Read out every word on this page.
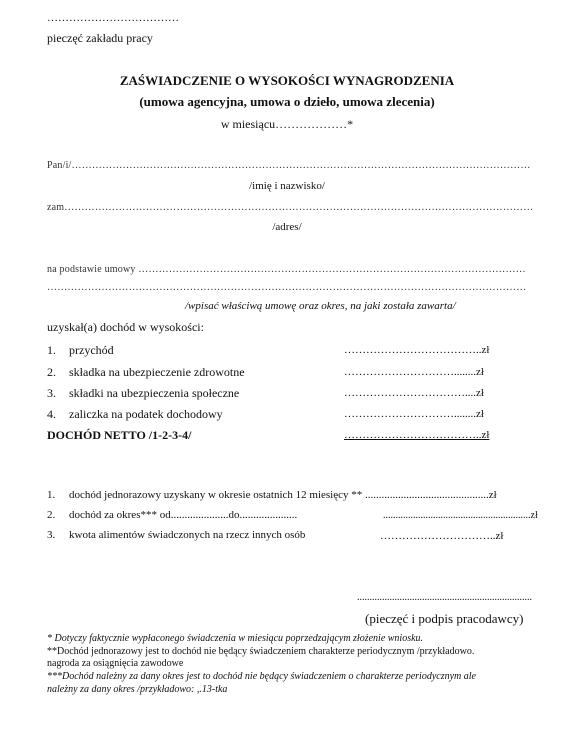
………………………………
pieczęć zakładu pracy
ZAŚWIADCZENIE O WYSOKOŚCI WYNAGRODZENIA
(umowa agencyjna, umowa o dzieło, umowa zlecenia)
w miesiącu………………*
Pan/i/………………………………………………………………………………………………………………………
/imię i nazwisko/
zam…………………………………………………………………………………………………………………………
/adres/
na podstawie umowy ……………………………………………………………………………………………………
……………………………………………………………………………………………………………………………
/wpisać właściwą umowę oraz okres, na jaki została zawarta/
uzyskał(a) dochód w wysokości:
1. przychód	………………………………..zł
2. składka na ubezpieczenie zdrowotne	…………………………........zł
3. składki na ubezpieczenia społeczne	……………………………....zł
4. zaliczka na podatek dochodowy	…………………………........zł
DOCHÓD NETTO /1-2-3-4/	………………………………..zł
1. dochód jednorazowy uzyskany w okresie ostatnich 12 miesięcy ** .............................................zł
2. dochód za okres*** od.....................do.....................	...........................................................zł
3. kwota alimentów świadczonych na rzecz innych osób	…………………………..zł
......................................................................
(pieczęć i podpis pracodawcy)
* Dotyczy faktycznie wypłaconego świadczenia w miesiącu poprzedzającym złożenie wniosku.
**Dochód jednorazowy jest to dochód nie będący świadczeniem charakterze periodycznym /przykładowo.
nagroda za osiągnięcia zawodowe
***Dochód należny za dany okres jest to dochód nie będący świadczeniem o charakterze periodycznym ale
należny za dany okres /przykładowo: ,.13-tka
